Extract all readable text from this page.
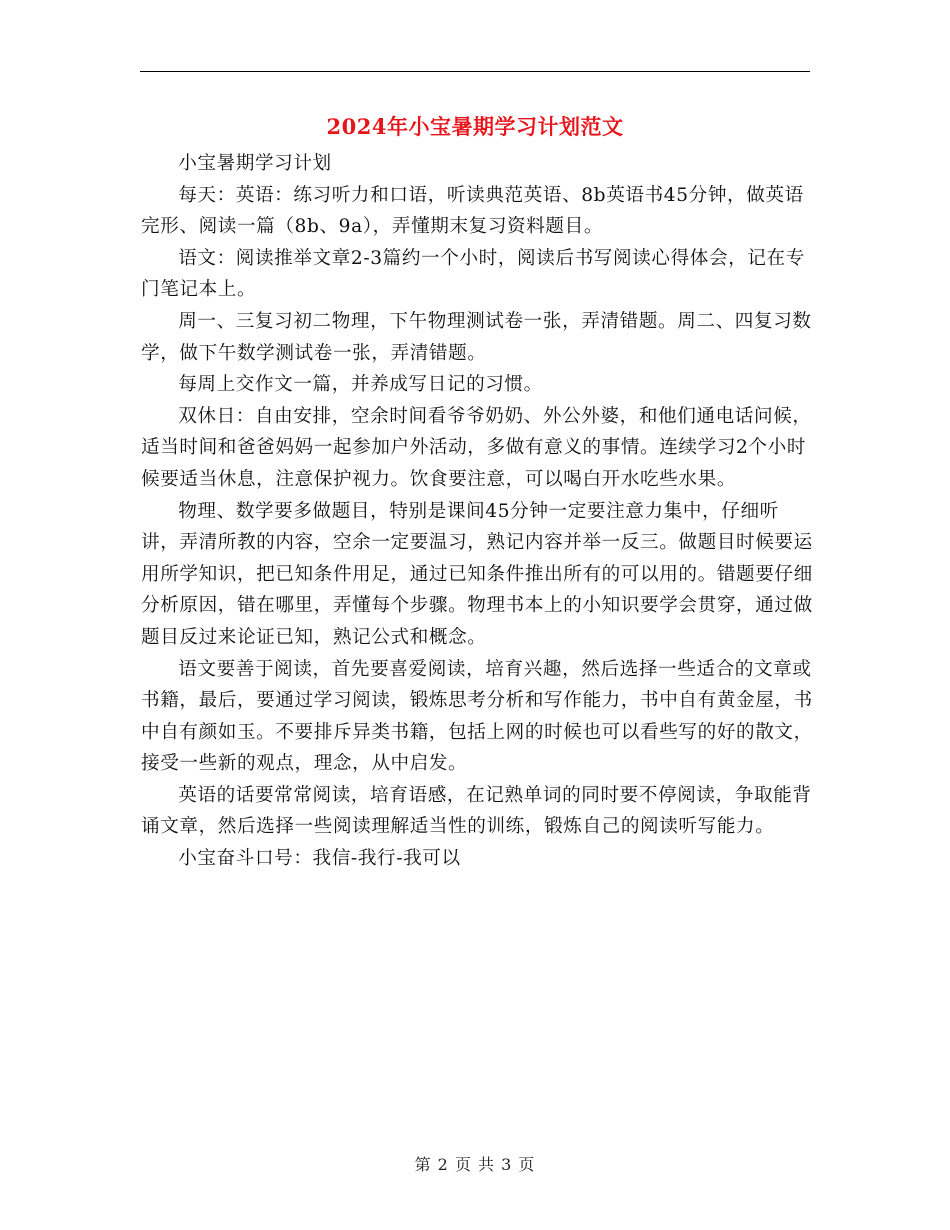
2024年小宝暑期学习计划范文

小宝暑期学习计划

每天：英语：练习听力和口语，听读典范英语、8b英语书45分钟，做英语完形、阅读一篇（8b、9a），弄懂期末复习资料题目。

语文：阅读推举文章2-3篇约一个小时，阅读后书写阅读心得体会，记在专门笔记本上。

周一、三复习初二物理，下午物理测试卷一张，弄清错题。周二、四复习数学，做下午数学测试卷一张，弄清错题。

每周上交作文一篇，并养成写日记的习惯。

双休日：自由安排，空余时间看爷爷奶奶、外公外婆，和他们通电话问候，适当时间和爸爸妈妈一起参加户外活动，多做有意义的事情。连续学习2个小时候要适当休息，注意保护视力。饮食要注意，可以喝白开水吃些水果。

物理、数学要多做题目，特别是课间45分钟一定要注意力集中，仔细听讲，弄清所教的内容，空余一定要温习，熟记内容并举一反三。做题目时候要运用所学知识，把已知条件用足，通过已知条件推出所有的可以用的。错题要仔细分析原因，错在哪里，弄懂每个步骤。物理书本上的小知识要学会贯穿，通过做题目反过来论证已知，熟记公式和概念。

语文要善于阅读，首先要喜爱阅读，培育兴趣，然后选择一些适合的文章或书籍，最后，要通过学习阅读，锻炼思考分析和写作能力，书中自有黄金屋，书中自有颜如玉。不要排斥异类书籍，包括上网的时候也可以看些写的好的散文，接受一些新的观点，理念，从中启发。

英语的话要常常阅读，培育语感，在记熟单词的同时要不停阅读，争取能背诵文章，然后选择一些阅读理解适当性的训练，锻炼自己的阅读听写能力。

小宝奋斗口号：我信-我行-我可以

第 2 页 共 3 页
